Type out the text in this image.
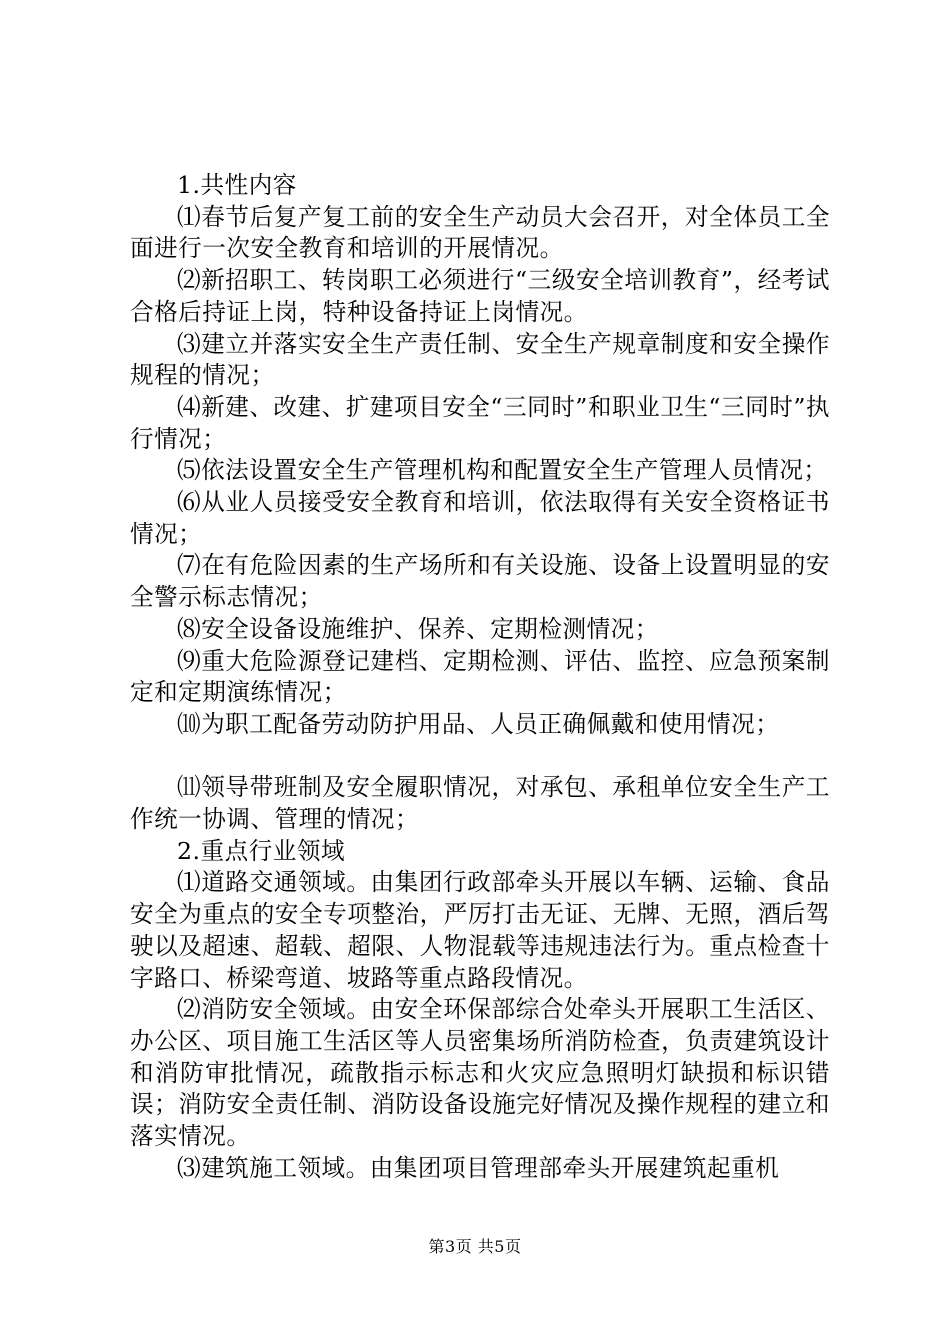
1.共性内容

⑴春节后复产复工前的安全生产动员大会召开，对全体员工全面进行一次安全教育和培训的开展情况。

⑵新招职工、转岗职工必须进行“三级安全培训教育”，经考试合格后持证上岗，特种设备持证上岗情况。

⑶建立并落实安全生产责任制、安全生产规章制度和安全操作规程的情况；

⑷新建、改建、扩建项目安全“三同时”和职业卫生“三同时”执行情况；

⑸依法设置安全生产管理机构和配置安全生产管理人员情况；

⑹从业人员接受安全教育和培训，依法取得有关安全资格证书情况；

⑺在有危险因素的生产场所和有关设施、设备上设置明显的安全警示标志情况；

⑻安全设备设施维护、保养、定期检测情况；

⑼重大危险源登记建档、定期检测、评估、监控、应急预案制定和定期演练情况；

⑽为职工配备劳动防护用品、人员正确佩戴和使用情况；

⑾领导带班制及安全履职情况，对承包、承租单位安全生产工作统一协调、管理的情况；

2.重点行业领域

⑴道路交通领域。由集团行政部牵头开展以车辆、运输、食品安全为重点的安全专项整治，严厉打击无证、无牌、无照，酒后驾驶以及超速、超载、超限、人物混载等违规违法行为。重点检查十字路口、桥梁弯道、坡路等重点路段情况。

⑵消防安全领域。由安全环保部综合处牵头开展职工生活区、办公区、项目施工生活区等人员密集场所消防检查，负责建筑设计和消防审批情况，疏散指示标志和火灾应急照明灯缺损和标识错误；消防安全责任制、消防设备设施完好情况及操作规程的建立和落实情况。

⑶建筑施工领域。由集团项目管理部牵头开展建筑起重机

第3页 共5页
